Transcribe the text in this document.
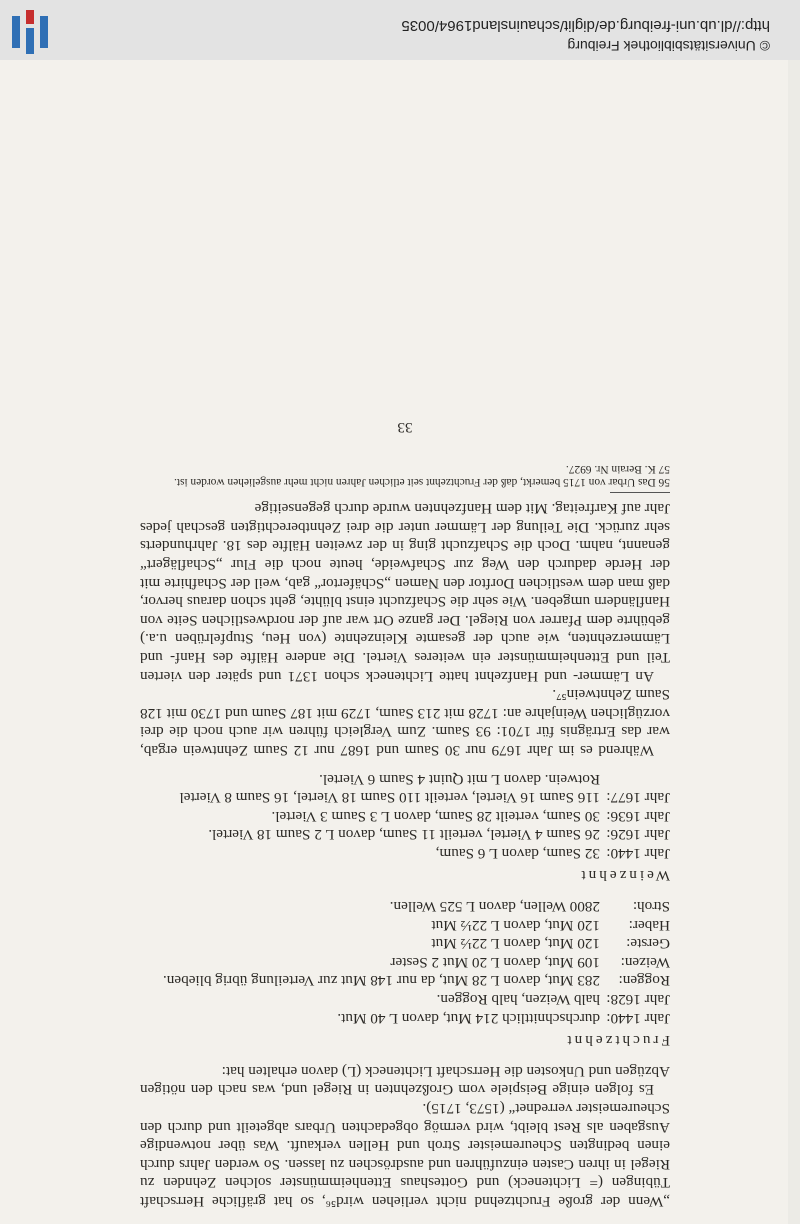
© Universitätsbibliothek Freiburg
http://dl.ub.uni-freiburg.de/diglit/schauinsland1964/0035

„Wenn der große Fruchtzehnd nicht verliehen wird⁵⁶, so hat gräfliche Herrschaft Tübingen (= Lichteneck) und Gotteshaus Ettenheimmünster solchen Zehnden zu Riegel in ihren Casten einzuführen und ausdröschen zu lassen. So werden Jahrs durch einen bedingten Scheuremeister Stroh und Hellen verkauft. Was über notwendige Ausgaben als Rest bleibt, wird vermög obgedachten Urbars abgeteilt und durch den Scheuremeister verrednet“ (1573, 1715).

Es folgen einige Beispiele vom Großzehnten in Riegel und, was nach den nötigen Abzügen und Unkosten die Herrschaft Lichteneck (L) davon erhalten hat:

Fruchtzehnt
Jahr 1440:
durchschnittlich 214 Mut, davon L 40 Mut.
Jahr 1628:
halb Weizen, halb Roggen.
Roggen:
283 Mut, davon L 28 Mut, da nur 148 Mut zur Verteilung übrig blieben.
Weizen:
109 Mut, davon L 20 Mut 2 Sester
Gerste:
120 Mut, davon L 22½ Mut
Haber:
120 Mut, davon L 22½ Mut
Stroh:
2800 Wellen, davon L 525 Wellen.
Weinzehnt
Jahr 1440:
32 Saum, davon L 6 Saum,
Jahr 1626:
26 Saum 4 Viertel, verteilt 11 Saum, davon L 2 Saum 18 Viertel.
Jahr 1636:
30 Saum, verteilt 28 Saum, davon L 3 Saum 3 Viertel.
Jahr 1677:
116 Saum 16 Viertel, verteilt 110 Saum 18 Viertel, 16 Saum 8 Viertel
Rotwein. davon L mit Quint 4 Saum 6 Viertel.

Während es im Jahr 1679 nur 30 Saum und 1687 nur 12 Saum Zehntwein ergab, war das Erträgnis für 1701: 93 Saum. Zum Vergleich führen wir auch noch die drei vorzüglichen Weinjahre an: 1728 mit 213 Saum, 1729 mit 187 Saum und 1730 mit 128 Saum Zehntwein⁵⁷.

An Lämmer- und Hanfzehnt hatte Lichteneck schon 1371 und später den vierten Teil und Ettenheimmünster ein weiteres Viertel. Die andere Hälfte des Hanf- und Lämmerzehnten, wie auch der gesamte Kleinzehnte (von Heu, Stupfelrüben u.a.) gebührte dem Pfarrer von Riegel. Der ganze Ort war auf der nordwestlichen Seite von Hanfländern umgeben. Wie sehr die Schafzucht einst blühte, geht schon daraus hervor, daß man dem westlichen Dorftor den Namen „Schäfertor“ gab, weil der Schafhirte mit der Herde dadurch den Weg zur Schafweide, heute noch die Flur „Schaflägert“ genannt, nahm. Doch die Schafzucht ging in der zweiten Hälfte des 18. Jahrhunderts sehr zurück. Die Teilung der Lämmer unter die drei Zehntberechtigten geschah jedes Jahr auf Karfreitag. Mit dem Hanfzehnten wurde durch gegenseitige

56 Das Urbar von 1715 bemerkt, daß der Fruchtzehnt seit etlichen Jahren nicht mehr ausgeliehen worden ist.
57 K. Berain Nr. 6927.
33
